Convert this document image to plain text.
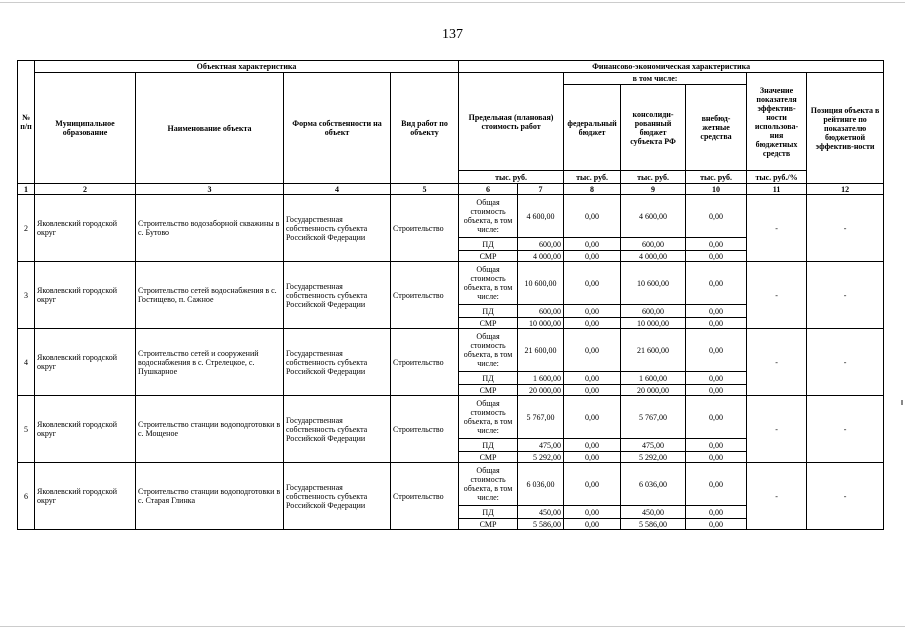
137
№ п/п	Объектная характеристика				Финансово-экономическая характеристика						
	Муниципальное образование	Наименование объекта	Форма собственности на объект	Вид работ по объекту	Предельная (плановая) стоимость работ		в том числе:			Значение показателя эффектив-ности использова-ния бюджетных средств	Позиция объекта в рейтинге по показателю бюджетной эффектив-ности
							федеральный бюджет	консолиди-рованный бюджет субъекта РФ	внебюд-жетные средства		
					тыс. руб.		тыс. руб.	тыс. руб.	тыс. руб.	тыс. руб./%	
1	2	3	4	5	6	7	8	9	10	11	12
2	Яковлевский городской округ	Строительство водозаборной скважины в с. Бутово	Государственная собственность субъекта Российской Федерации	Строительство	Общая стоимость объекта, в том числе:	4 600,00	0,00	4 600,00	0,00	-	-
					ПД	600,00	0,00	600,00	0,00		
					СМР	4 000,00	0,00	4 000,00	0,00		
3	Яковлевский городской округ	Строительство сетей водоснабжения в с. Гостищево, п. Сажное	Государственная собственность субъекта Российской Федерации	Строительство	Общая стоимость объекта, в том числе:	10 600,00	0,00	10 600,00	0,00	-	-
					ПД	600,00	0,00	600,00	0,00		
					СМР	10 000,00	0,00	10 000,00	0,00		
4	Яковлевский городской округ	Строительство сетей и сооружений водоснабжения в с. Стрелецкое, с. Пушкарное	Государственная собственность субъекта Российской Федерации	Строительство	Общая стоимость объекта, в том числе:	21 600,00	0,00	21 600,00	0,00	-	-
					ПД	1 600,00	0,00	1 600,00	0,00		
					СМР	20 000,00	0,00	20 000,00	0,00		
5	Яковлевский городской округ	Строительство станции водоподготовки в с. Мощеное	Государственная собственность субъекта Российской Федерации	Строительство	Общая стоимость объекта, в том числе:	5 767,00	0,00	5 767,00	0,00	-	-
					ПД	475,00	0,00	475,00	0,00		
					СМР	5 292,00	0,00	5 292,00	0,00		
6	Яковлевский городской округ	Строительство станции водоподготовки в с. Старая Глинка	Государственная собственность субъекта Российской Федерации	Строительство	Общая стоимость объекта, в том числе:	6 036,00	0,00	6 036,00	0,00	-	-
					ПД	450,00	0,00	450,00	0,00		
					СМР	5 586,00	0,00	5 586,00	0,00		
